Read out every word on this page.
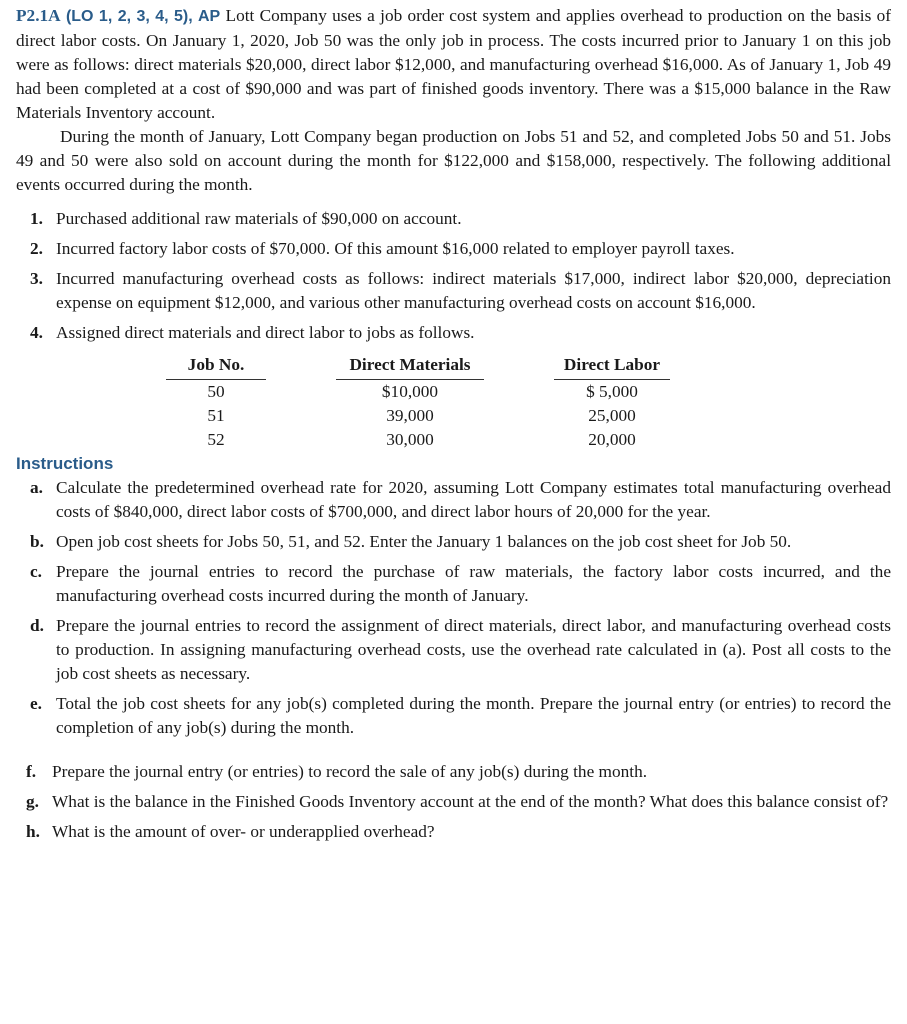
P2.1A (LO 1, 2, 3, 4, 5), AP Lott Company uses a job order cost system and applies overhead to production on the basis of direct labor costs. On January 1, 2020, Job 50 was the only job in process. The costs incurred prior to January 1 on this job were as follows: direct materials $20,000, direct labor $12,000, and manufacturing overhead $16,000. As of January 1, Job 49 had been completed at a cost of $90,000 and was part of finished goods inventory. There was a $15,000 balance in the Raw Materials Inventory account.

During the month of January, Lott Company began production on Jobs 51 and 52, and completed Jobs 50 and 51. Jobs 49 and 50 were also sold on account during the month for $122,000 and $158,000, respectively. The following additional events occurred during the month.

1. Purchased additional raw materials of $90,000 on account.
2. Incurred factory labor costs of $70,000. Of this amount $16,000 related to employer payroll taxes.
3. Incurred manufacturing overhead costs as follows: indirect materials $17,000, indirect labor $20,000, depreciation expense on equipment $12,000, and various other manufacturing overhead costs on account $16,000.
4. Assigned direct materials and direct labor to jobs as follows.
Job No.		Direct Materials		Direct Labor
50		$10,000		$ 5,000
51		39,000		25,000
52		30,000		20,000

Instructions

a. Calculate the predetermined overhead rate for 2020, assuming Lott Company estimates total manufacturing overhead costs of $840,000, direct labor costs of $700,000, and direct labor hours of 20,000 for the year.
b. Open job cost sheets for Jobs 50, 51, and 52. Enter the January 1 balances on the job cost sheet for Job 50.
c. Prepare the journal entries to record the purchase of raw materials, the factory labor costs incurred, and the manufacturing overhead costs incurred during the month of January.
d. Prepare the journal entries to record the assignment of direct materials, direct labor, and manufacturing overhead costs to production. In assigning manufacturing overhead costs, use the overhead rate calculated in (a). Post all costs to the job cost sheets as necessary.
e. Total the job cost sheets for any job(s) completed during the month. Prepare the journal entry (or entries) to record the completion of any job(s) during the month.
f. Prepare the journal entry (or entries) to record the sale of any job(s) during the month.
g. What is the balance in the Finished Goods Inventory account at the end of the month? What does this balance consist of?
h. What is the amount of over- or underapplied overhead?
